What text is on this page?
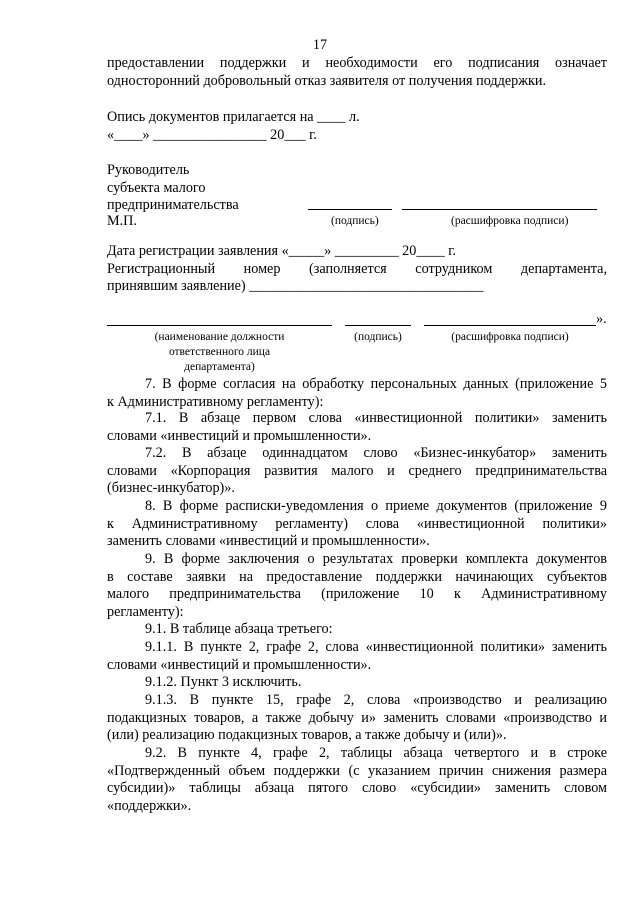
17
предоставлении поддержки и необходимости его подписания означает
односторонний добровольный отказ заявителя от получения поддержки.
Опись документов прилагается на ____ л.
«____» ________________ 20___ г.
Руководитель
субъекта малого
предпринимательства
М.П.	(подпись)	(расшифровка подписи)
Дата регистрации заявления «_____» _________ 20____ г.
Регистрационный номер (заполняется сотрудником департамента,
принявшим заявление) _________________________________
».
(наименование должности
ответственного лица
департамента)
(подпись)	(расшифровка подписи)
7. В форме согласия на обработку персональных данных (приложение 5
к Административному регламенту):
7.1. В абзаце первом слова «инвестиционной политики» заменить
словами «инвестиций и промышленности».
7.2. В абзаце одиннадцатом слово «Бизнес-инкубатор» заменить
словами «Корпорация развития малого и среднего предпринимательства
(бизнес-инкубатор)».
8. В форме расписки-уведомления о приеме документов (приложение 9
к Административному регламенту) слова «инвестиционной политики»
заменить словами «инвестиций и промышленности».
9. В форме заключения о результатах проверки комплекта документов
в составе заявки на предоставление поддержки начинающих субъектов
малого предпринимательства (приложение 10 к Административному
регламенту):
9.1. В таблице абзаца третьего:
9.1.1. В пункте 2, графе 2, слова «инвестиционной политики» заменить
словами «инвестиций и промышленности».
9.1.2. Пункт 3 исключить.
9.1.3. В пункте 15, графе 2, слова «производство и реализацию
подакцизных товаров, а также добычу и» заменить словами «производство и
(или) реализацию подакцизных товаров, а также добычу и (или)».
9.2. В пункте 4, графе 2, таблицы абзаца четвертого и в строке
«Подтвержденный объем поддержки (с указанием причин снижения размера
субсидии)» таблицы абзаца пятого слово «субсидии» заменить словом
«поддержки».
